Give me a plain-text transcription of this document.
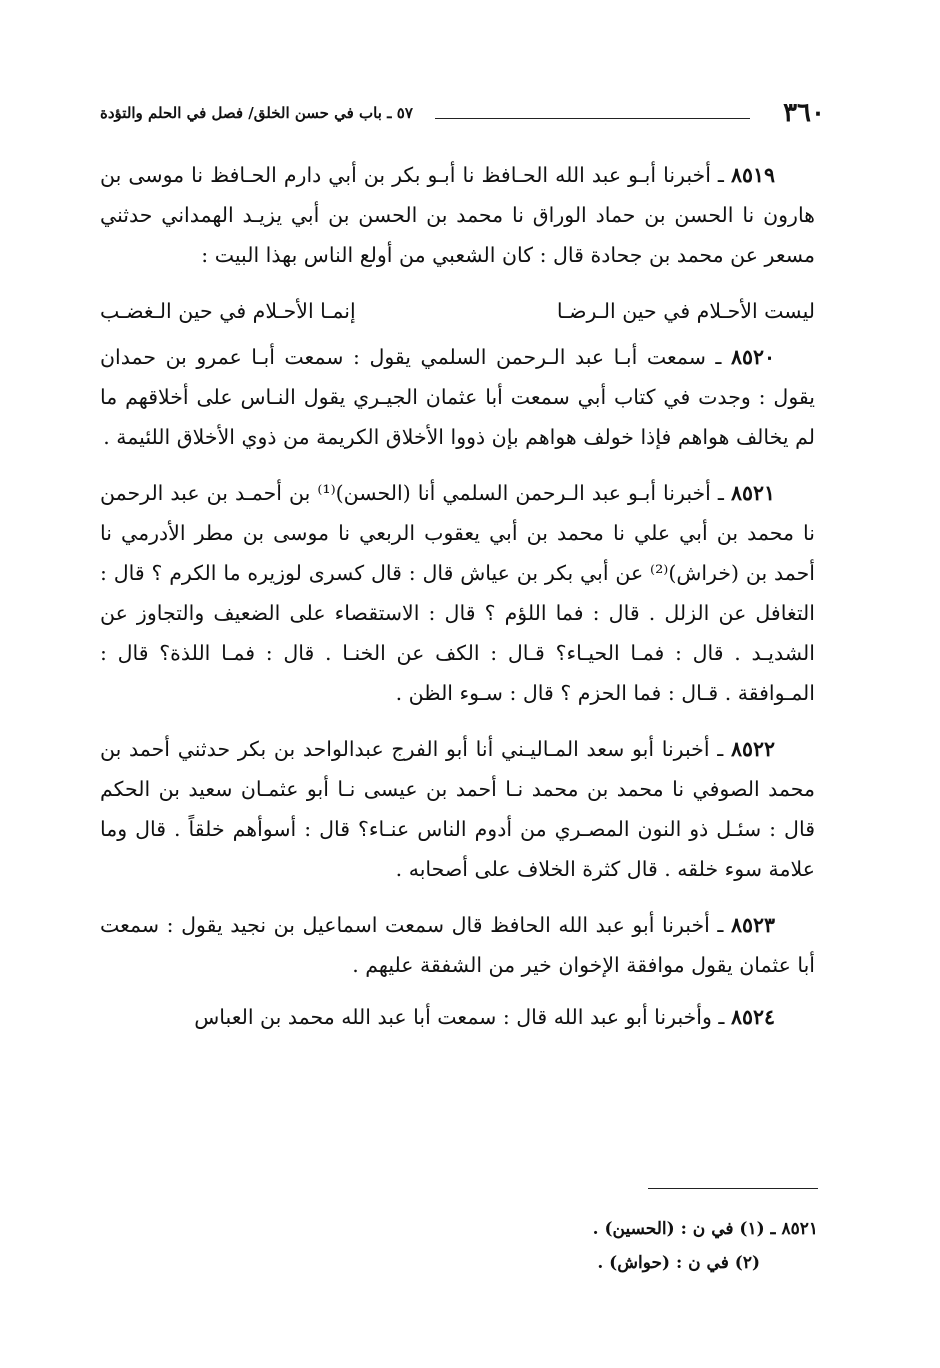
٣٦٠
٥٧ ـ باب في حسن الخلق/ فصل في الحلم والتؤدة

٨٥١٩ ـ أخبرنا أبـو عبد الله الحـافظ نا أبـو بكر بن أبي دارم الحـافظ نا موسى بن هارون نا الحسن بن حماد الوراق نا محمد بن الحسن بن أبي يزيـد الهمداني حدثني مسعر عن محمد بن جحادة قال : كان الشعبي من أولع الناس بهذا البيت :

ليست الأحـلام في حين الـرضـا
إنمـا الأحـلام في حين الـغضـب

٨٥٢٠ ـ سمعت أبـا عبد الـرحمن السلمي يقول : سمعت أبـا عمرو بن حمدان يقول : وجدت في كتاب أبي سمعت أبا عثمان الجيـري يقول النـاس على أخلاقهم ما لم يخالف هواهم فإذا خولف هواهم بإن ذووا الأخلاق الكريمة من ذوي الأخلاق اللئيمة .

٨٥٢١ ـ أخبرنا أبـو عبد الـرحمن السلمي أنا (الحسن)⁽¹⁾ بن أحمـد بن عبد الرحمن نا محمد بن أبي علي نا محمد بن أبي يعقوب الربعي نا موسى بن مطر الأدرمي نا أحمد بن (خراش)⁽²⁾ عن أبي بكر بن عياش قال : قال كسرى لوزيره ما الكرم ؟ قال : التغافل عن الزلل . قال : فما اللؤم ؟ قال : الاستقصاء على الضعيف والتجاوز عن الشديـد . قال : فمـا الحيـاء؟ قـال : الكف عن الخنـا . قال : فمـا اللذة؟ قال : المـوافقة . قـال : فما الحزم ؟ قال : سـوء الظن .

٨٥٢٢ ـ أخبرنا أبو سعد المـاليـني أنا أبو الفرج عبدالواحد بن بكر حدثني أحمد بن محمد الصوفي نا محمد بن محمد نـا أحمد بن عيسى نـا أبو عثمـان سعيد بن الحكم قال : سئـل ذو النون المصـري من أدوم الناس عنـاء؟ قال : أسوأهم خلقاً . قال وما علامة سوء خلقه . قال كثرة الخلاف على أصحابه .

٨٥٢٣ ـ أخبرنا أبو عبد الله الحافظ قال سمعت اسماعيل بن نجيد يقول : سمعت أبا عثمان يقول موافقة الإخوان خير من الشفقة عليهم .

٨٥٢٤ ـ وأخبرنا أبو عبد الله قال : سمعت أبا عبد الله محمد بن العباس

٨٥٢١ ـ (١) في ن : (الحسين) .

(٢) في ن : (حواش) .
